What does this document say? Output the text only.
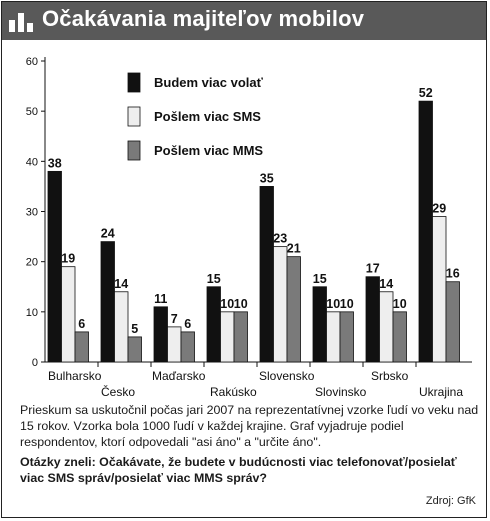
Očakávania majiteľov mobilov
0
10
20
30
40
50
60
38
19
6
Bulharsko
24
14
5
Česko
11
7 6
Maďarsko
15
10 10
Rakúsko
35
23
21
Slovensko
15
10 10
Slovinsko
17
14
10
Srbsko
52
29
16
Ukrajina
Budem viac volať
Pošlem viac SMS
Pošlem viac MMS
Prieskum sa uskutočnil počas jari 2007 na reprezentatívnej vzorke ľudí vo veku nad 15 rokov. Vzorka bola 1000 ľudí v každej krajine. Graf vyjadruje podiel respondentov, ktorí odpovedali "asi áno" a "určite áno".
Otázky zneli: Očakávate, že budete v budúcnosti viac telefonovať/posielať viac SMS správ/posielať viac MMS správ?
Zdroj: GfK
